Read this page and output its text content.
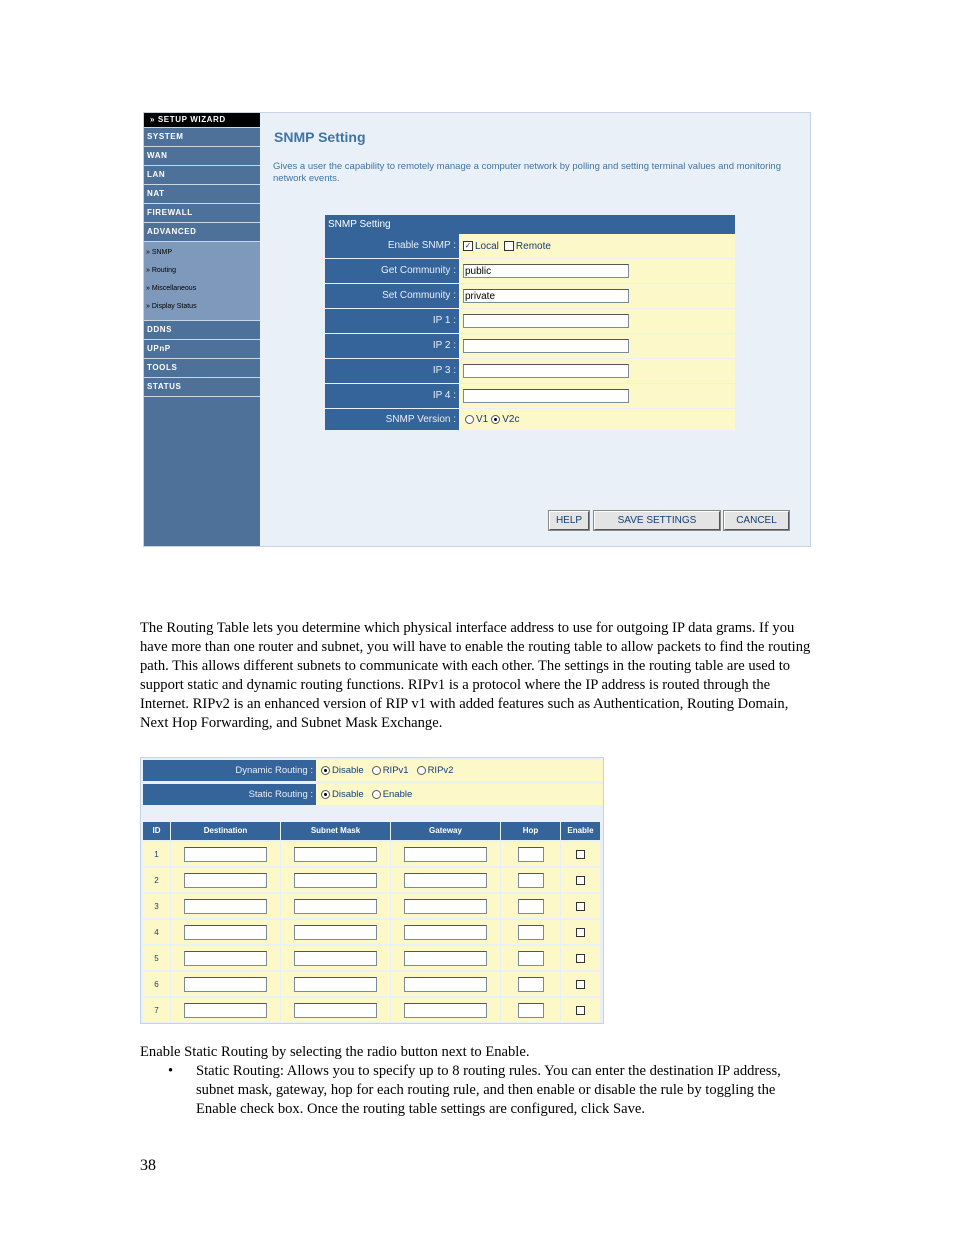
» SETUP WIZARD
SYSTEM
WAN
LAN
NAT
FIREWALL
ADVANCED
» SNMP
» Routing
» Miscellaneous
» Display Status
DDNS
UPnP
TOOLS
STATUS
SNMP Setting
Gives a user the capability to remotely manage a computer network by polling and setting terminal values and monitoring network events.
SNMP Setting
Enable SNMP :	✓ Local Remote
Get Community : public
Set Community : private
IP 1 :
IP 2 :
IP 3 :
IP 4 :
SNMP Version :	V1 V2c
HELP	SAVE SETTINGS	CANCEL
The Routing Table lets you determine which physical interface address to use for outgoing IP data grams. If you have more than one router and subnet, you will have to enable the routing table to allow packets to find the routing path. This allows different subnets to communicate with each other. The settings in the routing table are used to support static and dynamic routing functions. RIPv1 is a protocol where the IP address is routed through the Internet. RIPv2 is an enhanced version of RIP v1 with added features such as Authentication, Routing Domain, Next Hop Forwarding, and Subnet Mask Exchange.
Dynamic Routing :	Disable RIPv1 RIPv2
Static Routing :	Disable Enable
ID	Destination	Subnet Mask	Gateway	Hop	Enable
1
2
3
4
5
6
7
Enable Static Routing by selecting the radio button next to Enable.
•	Static Routing: Allows you to specify up to 8 routing rules. You can enter the destination IP address, subnet mask, gateway, hop for each routing rule, and then enable or disable the rule by toggling the Enable check box. Once the routing table settings are configured, click Save.
38
